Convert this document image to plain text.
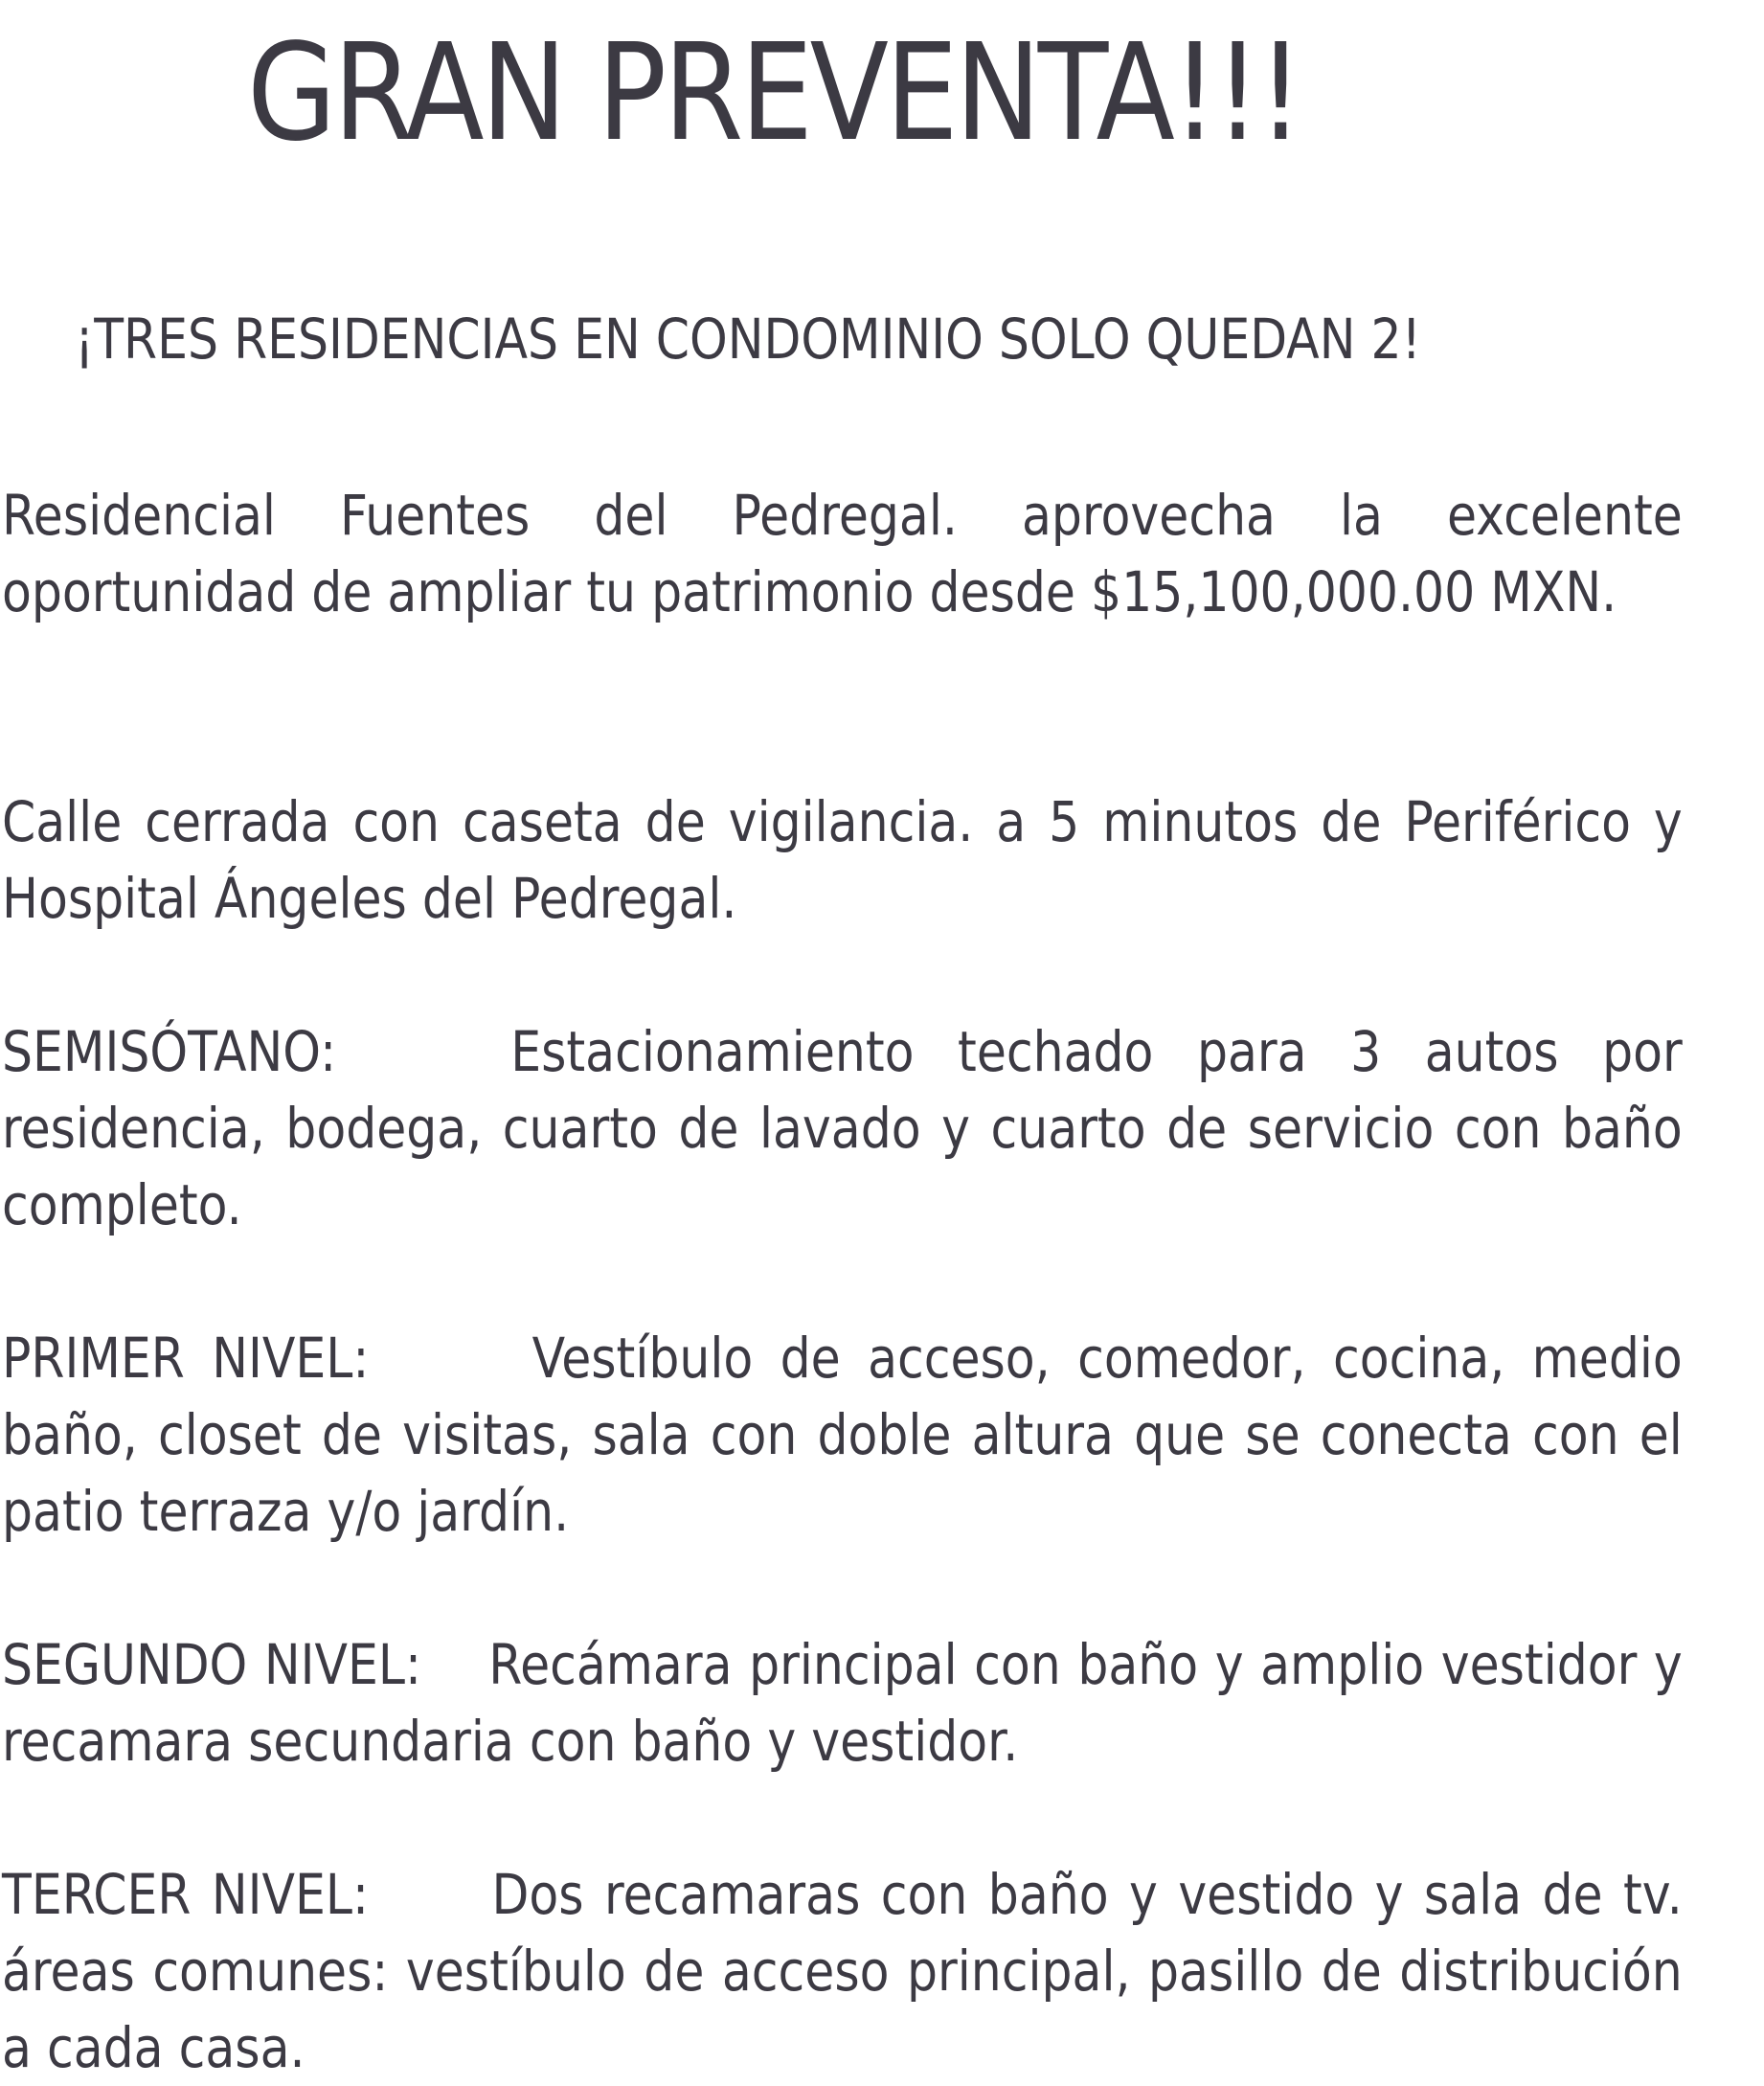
GRAN PREVENTA!!!

¡TRES RESIDENCIAS EN CONDOMINIO SOLO QUEDAN 2!

Residencial Fuentes del Pedregal. aprovecha la excelente oportunidad de ampliar tu patrimonio desde $15,100,000.00 MXN.

Calle cerrada con caseta de vigilancia. a 5 minutos de Periférico y Hospital Ángeles del Pedregal.

SEMISÓTANO:	Estacionamiento techado para 3 autos por residencia, bodega, cuarto de lavado y cuarto de servicio con baño completo.

PRIMER NIVEL:	Vestíbulo de acceso, comedor, cocina, medio baño, closet de visitas, sala con doble altura que se conecta con el patio terraza y/o jardín.

SEGUNDO NIVEL: Recámara principal con baño y amplio vestidor y recamara secundaria con baño y vestidor.

TERCER NIVEL: Dos recamaras con baño y vestido y sala de tv. áreas comunes: vestíbulo de acceso principal, pasillo de distribución a cada casa.
